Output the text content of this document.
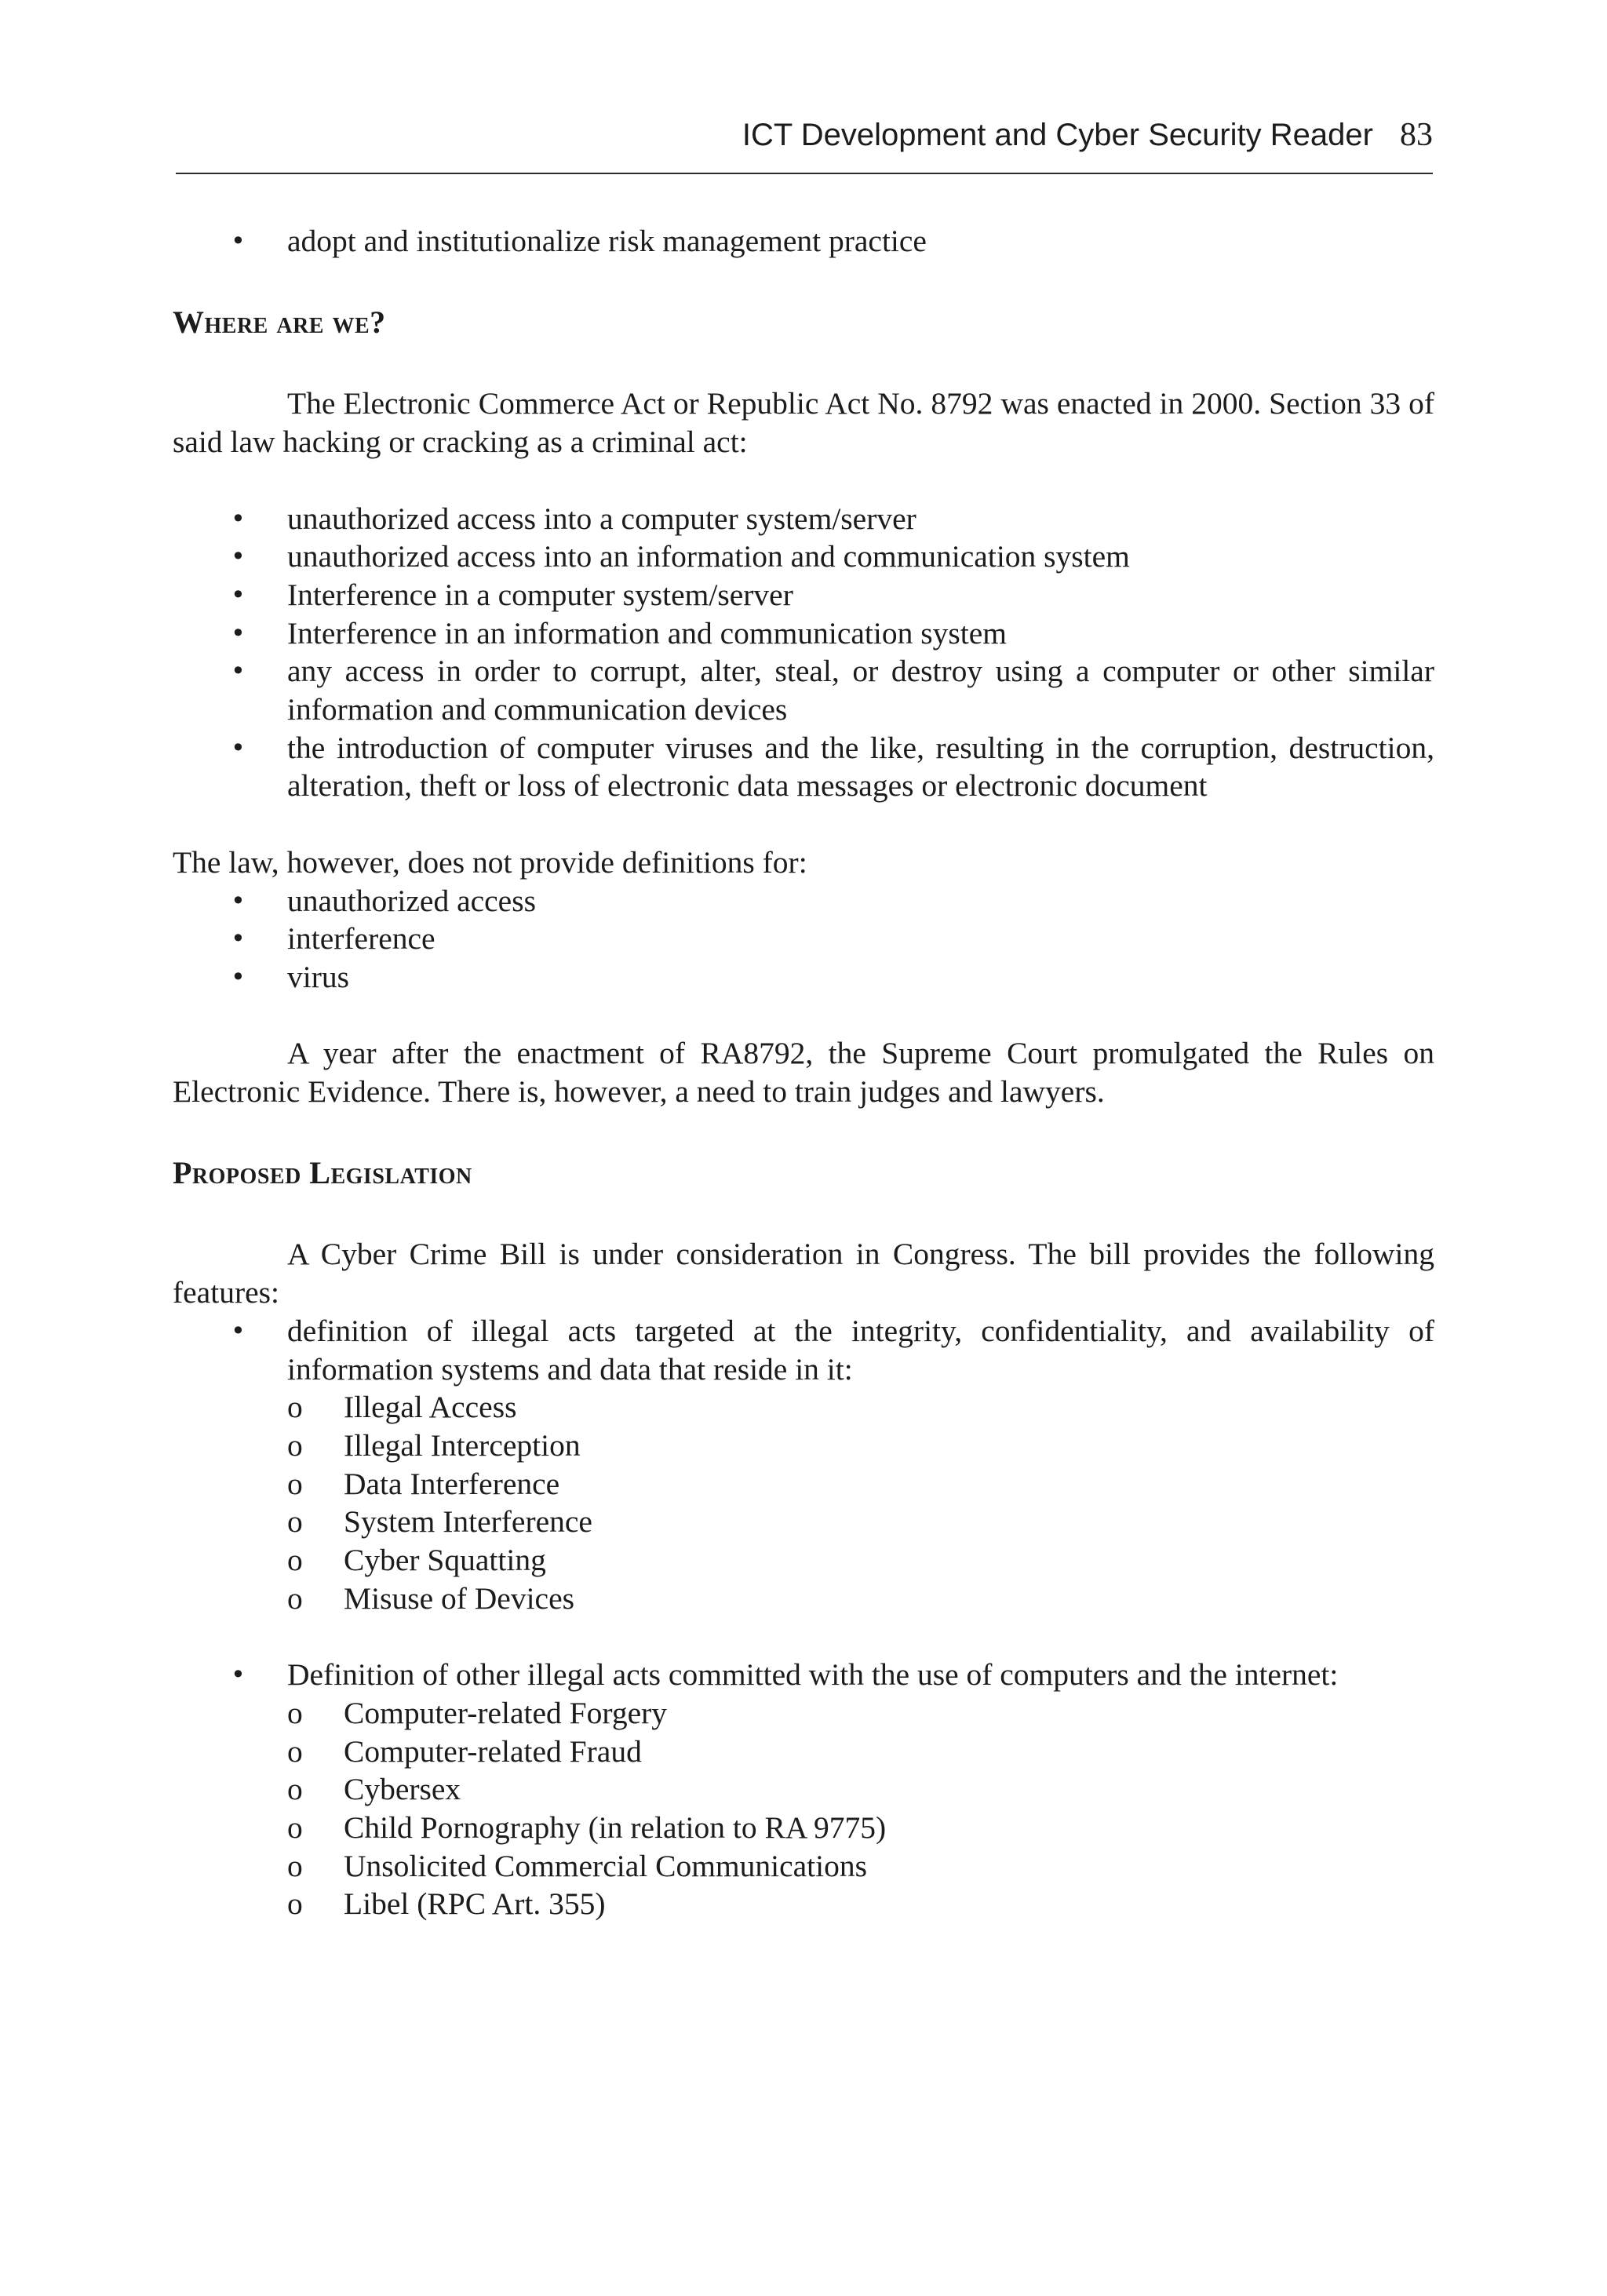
ICT Development and Cyber Security Reader 83
• adopt and institutionalize risk management practice
Where are we?

The Electronic Commerce Act or Republic Act No. 8792 was enacted in 2000. Section 33 of said law hacking or cracking as a criminal act:

• unauthorized access into a computer system/server
• unauthorized access into an information and communication system
• Interference in a computer system/server
• Interference in an information and communication system
• any access in order to corrupt, alter, steal, or destroy using a computer or other similar information and communication devices
• the introduction of computer viruses and the like, resulting in the corruption, destruction, alteration, theft or loss of electronic data messages or electronic document

The law, however, does not provide definitions for:

• unauthorized access
• interference
• virus

A year after the enactment of RA8792, the Supreme Court promulgated the Rules on Electronic Evidence. There is, however, a need to train judges and lawyers.

Proposed Legislation

A Cyber Crime Bill is under consideration in Congress. The bill provides the following features:

• definition of illegal acts targeted at the integrity, confidentiality, and availability of information systems and data that reside in it:
o Illegal Access
o Illegal Interception
o Data Interference
o System Interference
o Cyber Squatting
o Misuse of Devices
• Definition of other illegal acts committed with the use of computers and the internet:
o Computer-related Forgery
o Computer-related Fraud
o Cybersex
o Child Pornography (in relation to RA 9775)
o Unsolicited Commercial Communications
o Libel (RPC Art. 355)
